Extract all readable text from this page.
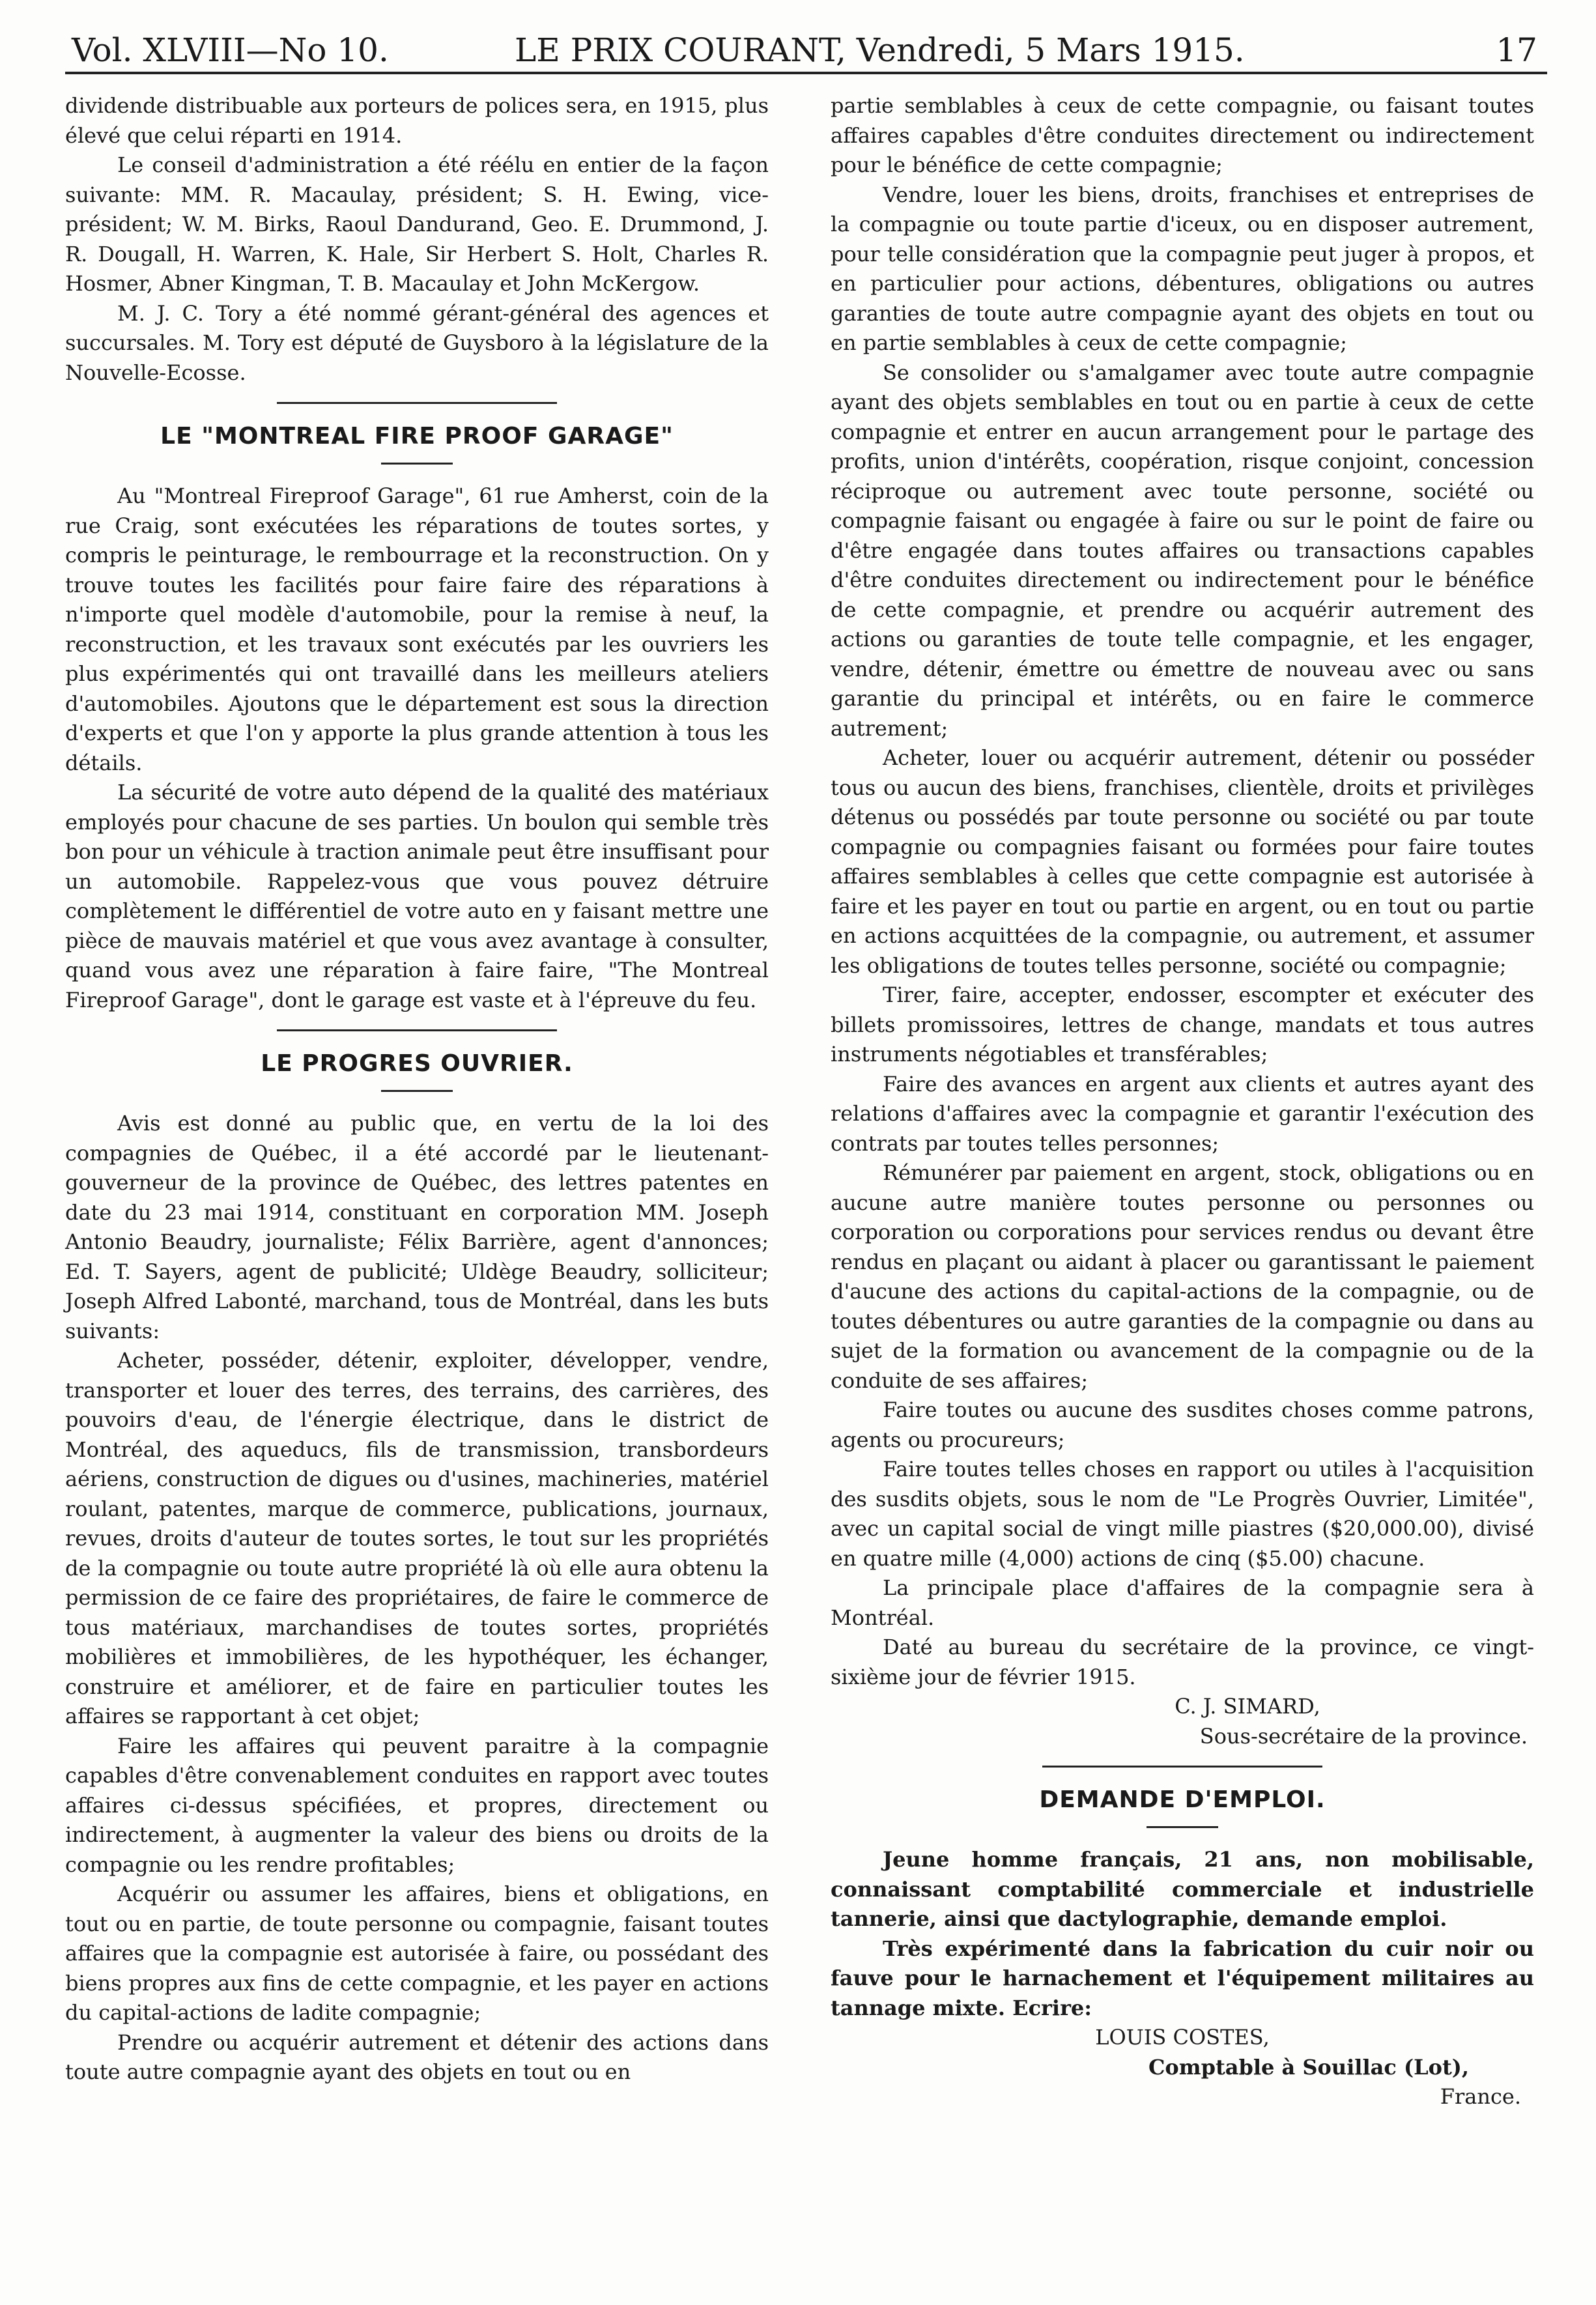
Vol. XLVIII—No 10.	LE PRIX COURANT, Vendredi, 5 Mars 1915.	17

dividende distribuable aux porteurs de polices sera, en 1915, plus élevé que celui réparti en 1914.

Le conseil d'administration a été réélu en entier de la façon suivante: MM. R. Macaulay, président; S. H. Ewing, vice-président; W. M. Birks, Raoul Dandurand, Geo. E. Drummond, J. R. Dougall, H. Warren, K. Hale, Sir Herbert S. Holt, Charles R. Hosmer, Abner Kingman, T. B. Macaulay et John McKergow.

M. J. C. Tory a été nommé gérant-général des agences et succursales. M. Tory est député de Guysboro à la législature de la Nouvelle-Ecosse.

LE "MONTREAL FIRE PROOF GARAGE"

Au "Montreal Fireproof Garage", 61 rue Amherst, coin de la rue Craig, sont exécutées les réparations de toutes sortes, y compris le peinturage, le rembourrage et la reconstruction. On y trouve toutes les facilités pour faire faire des réparations à n'importe quel modèle d'automobile, pour la remise à neuf, la reconstruction, et les travaux sont exécutés par les ouvriers les plus expérimentés qui ont travaillé dans les meilleurs ateliers d'automobiles. Ajoutons que le département est sous la direction d'experts et que l'on y apporte la plus grande attention à tous les détails.

La sécurité de votre auto dépend de la qualité des matériaux employés pour chacune de ses parties. Un boulon qui semble très bon pour un véhicule à traction animale peut être insuffisant pour un automobile. Rappelez-vous que vous pouvez détruire complètement le différentiel de votre auto en y faisant mettre une pièce de mauvais matériel et que vous avez avantage à consulter, quand vous avez une réparation à faire faire, "The Montreal Fireproof Garage", dont le garage est vaste et à l'épreuve du feu.

LE PROGRES OUVRIER.

Avis est donné au public que, en vertu de la loi des compagnies de Québec, il a été accordé par le lieutenant-gouverneur de la province de Québec, des lettres patentes en date du 23 mai 1914, constituant en corporation MM. Joseph Antonio Beaudry, journaliste; Félix Barrière, agent d'annonces; Ed. T. Sayers, agent de publicité; Uldège Beaudry, solliciteur; Joseph Alfred Labonté, marchand, tous de Montréal, dans les buts suivants:

Acheter, posséder, détenir, exploiter, développer, vendre, transporter et louer des terres, des terrains, des carrières, des pouvoirs d'eau, de l'énergie électrique, dans le district de Montréal, des aqueducs, fils de transmission, transbordeurs aériens, construction de digues ou d'usines, machineries, matériel roulant, patentes, marque de commerce, publications, journaux, revues, droits d'auteur de toutes sortes, le tout sur les propriétés de la compagnie ou toute autre propriété là où elle aura obtenu la permission de ce faire des propriétaires, de faire le commerce de tous matériaux, marchandises de toutes sortes, propriétés mobilières et immobilières, de les hypothéquer, les échanger, construire et améliorer, et de faire en particulier toutes les affaires se rapportant à cet objet;

Faire les affaires qui peuvent paraitre à la compagnie capables d'être convenablement conduites en rapport avec toutes affaires ci-dessus spécifiées, et propres, directement ou indirectement, à augmenter la valeur des biens ou droits de la compagnie ou les rendre profitables;

Acquérir ou assumer les affaires, biens et obligations, en tout ou en partie, de toute personne ou compagnie, faisant toutes affaires que la compagnie est autorisée à faire, ou possédant des biens propres aux fins de cette compagnie, et les payer en actions du capital-actions de ladite compagnie;

Prendre ou acquérir autrement et détenir des actions dans toute autre compagnie ayant des objets en tout ou en

partie semblables à ceux de cette compagnie, ou faisant toutes affaires capables d'être conduites directement ou indirectement pour le bénéfice de cette compagnie;

Vendre, louer les biens, droits, franchises et entreprises de la compagnie ou toute partie d'iceux, ou en disposer autrement, pour telle considération que la compagnie peut juger à propos, et en particulier pour actions, débentures, obligations ou autres garanties de toute autre compagnie ayant des objets en tout ou en partie semblables à ceux de cette compagnie;

Se consolider ou s'amalgamer avec toute autre compagnie ayant des objets semblables en tout ou en partie à ceux de cette compagnie et entrer en aucun arrangement pour le partage des profits, union d'intérêts, coopération, risque conjoint, concession réciproque ou autrement avec toute personne, société ou compagnie faisant ou engagée à faire ou sur le point de faire ou d'être engagée dans toutes affaires ou transactions capables d'être conduites directement ou indirectement pour le bénéfice de cette compagnie, et prendre ou acquérir autrement des actions ou garanties de toute telle compagnie, et les engager, vendre, détenir, émettre ou émettre de nouveau avec ou sans garantie du principal et intérêts, ou en faire le commerce autrement;

Acheter, louer ou acquérir autrement, détenir ou posséder tous ou aucun des biens, franchises, clientèle, droits et privilèges détenus ou possédés par toute personne ou société ou par toute compagnie ou compagnies faisant ou formées pour faire toutes affaires semblables à celles que cette compagnie est autorisée à faire et les payer en tout ou partie en argent, ou en tout ou partie en actions acquittées de la compagnie, ou autrement, et assumer les obligations de toutes telles personne, société ou compagnie;

Tirer, faire, accepter, endosser, escompter et exécuter des billets promissoires, lettres de change, mandats et tous autres instruments négotiables et transférables;

Faire des avances en argent aux clients et autres ayant des relations d'affaires avec la compagnie et garantir l'exécution des contrats par toutes telles personnes;

Rémunérer par paiement en argent, stock, obligations ou en aucune autre manière toutes personne ou personnes ou corporation ou corporations pour services rendus ou devant être rendus en plaçant ou aidant à placer ou garantissant le paiement d'aucune des actions du capital-actions de la compagnie, ou de toutes débentures ou autre garanties de la compagnie ou dans au sujet de la formation ou avancement de la compagnie ou de la conduite de ses affaires;

Faire toutes ou aucune des susdites choses comme patrons, agents ou procureurs;

Faire toutes telles choses en rapport ou utiles à l'acquisition des susdits objets, sous le nom de "Le Progrès Ouvrier, Limitée", avec un capital social de vingt mille piastres ($20,000.00), divisé en quatre mille (4,000) actions de cinq ($5.00) chacune.

La principale place d'affaires de la compagnie sera à Montréal.

Daté au bureau du secrétaire de la province, ce vingt-sixième jour de février 1915.

C. J. SIMARD,
Sous-secrétaire de la province.
DEMANDE D'EMPLOI.

Jeune homme français, 21 ans, non mobilisable, connaissant comptabilité commerciale et industrielle tannerie, ainsi que dactylographie, demande emploi.

Très expérimenté dans la fabrication du cuir noir ou fauve pour le harnachement et l'équipement militaires au tannage mixte. Ecrire:

LOUIS COSTES,
Comptable à Souillac (Lot),
France.
